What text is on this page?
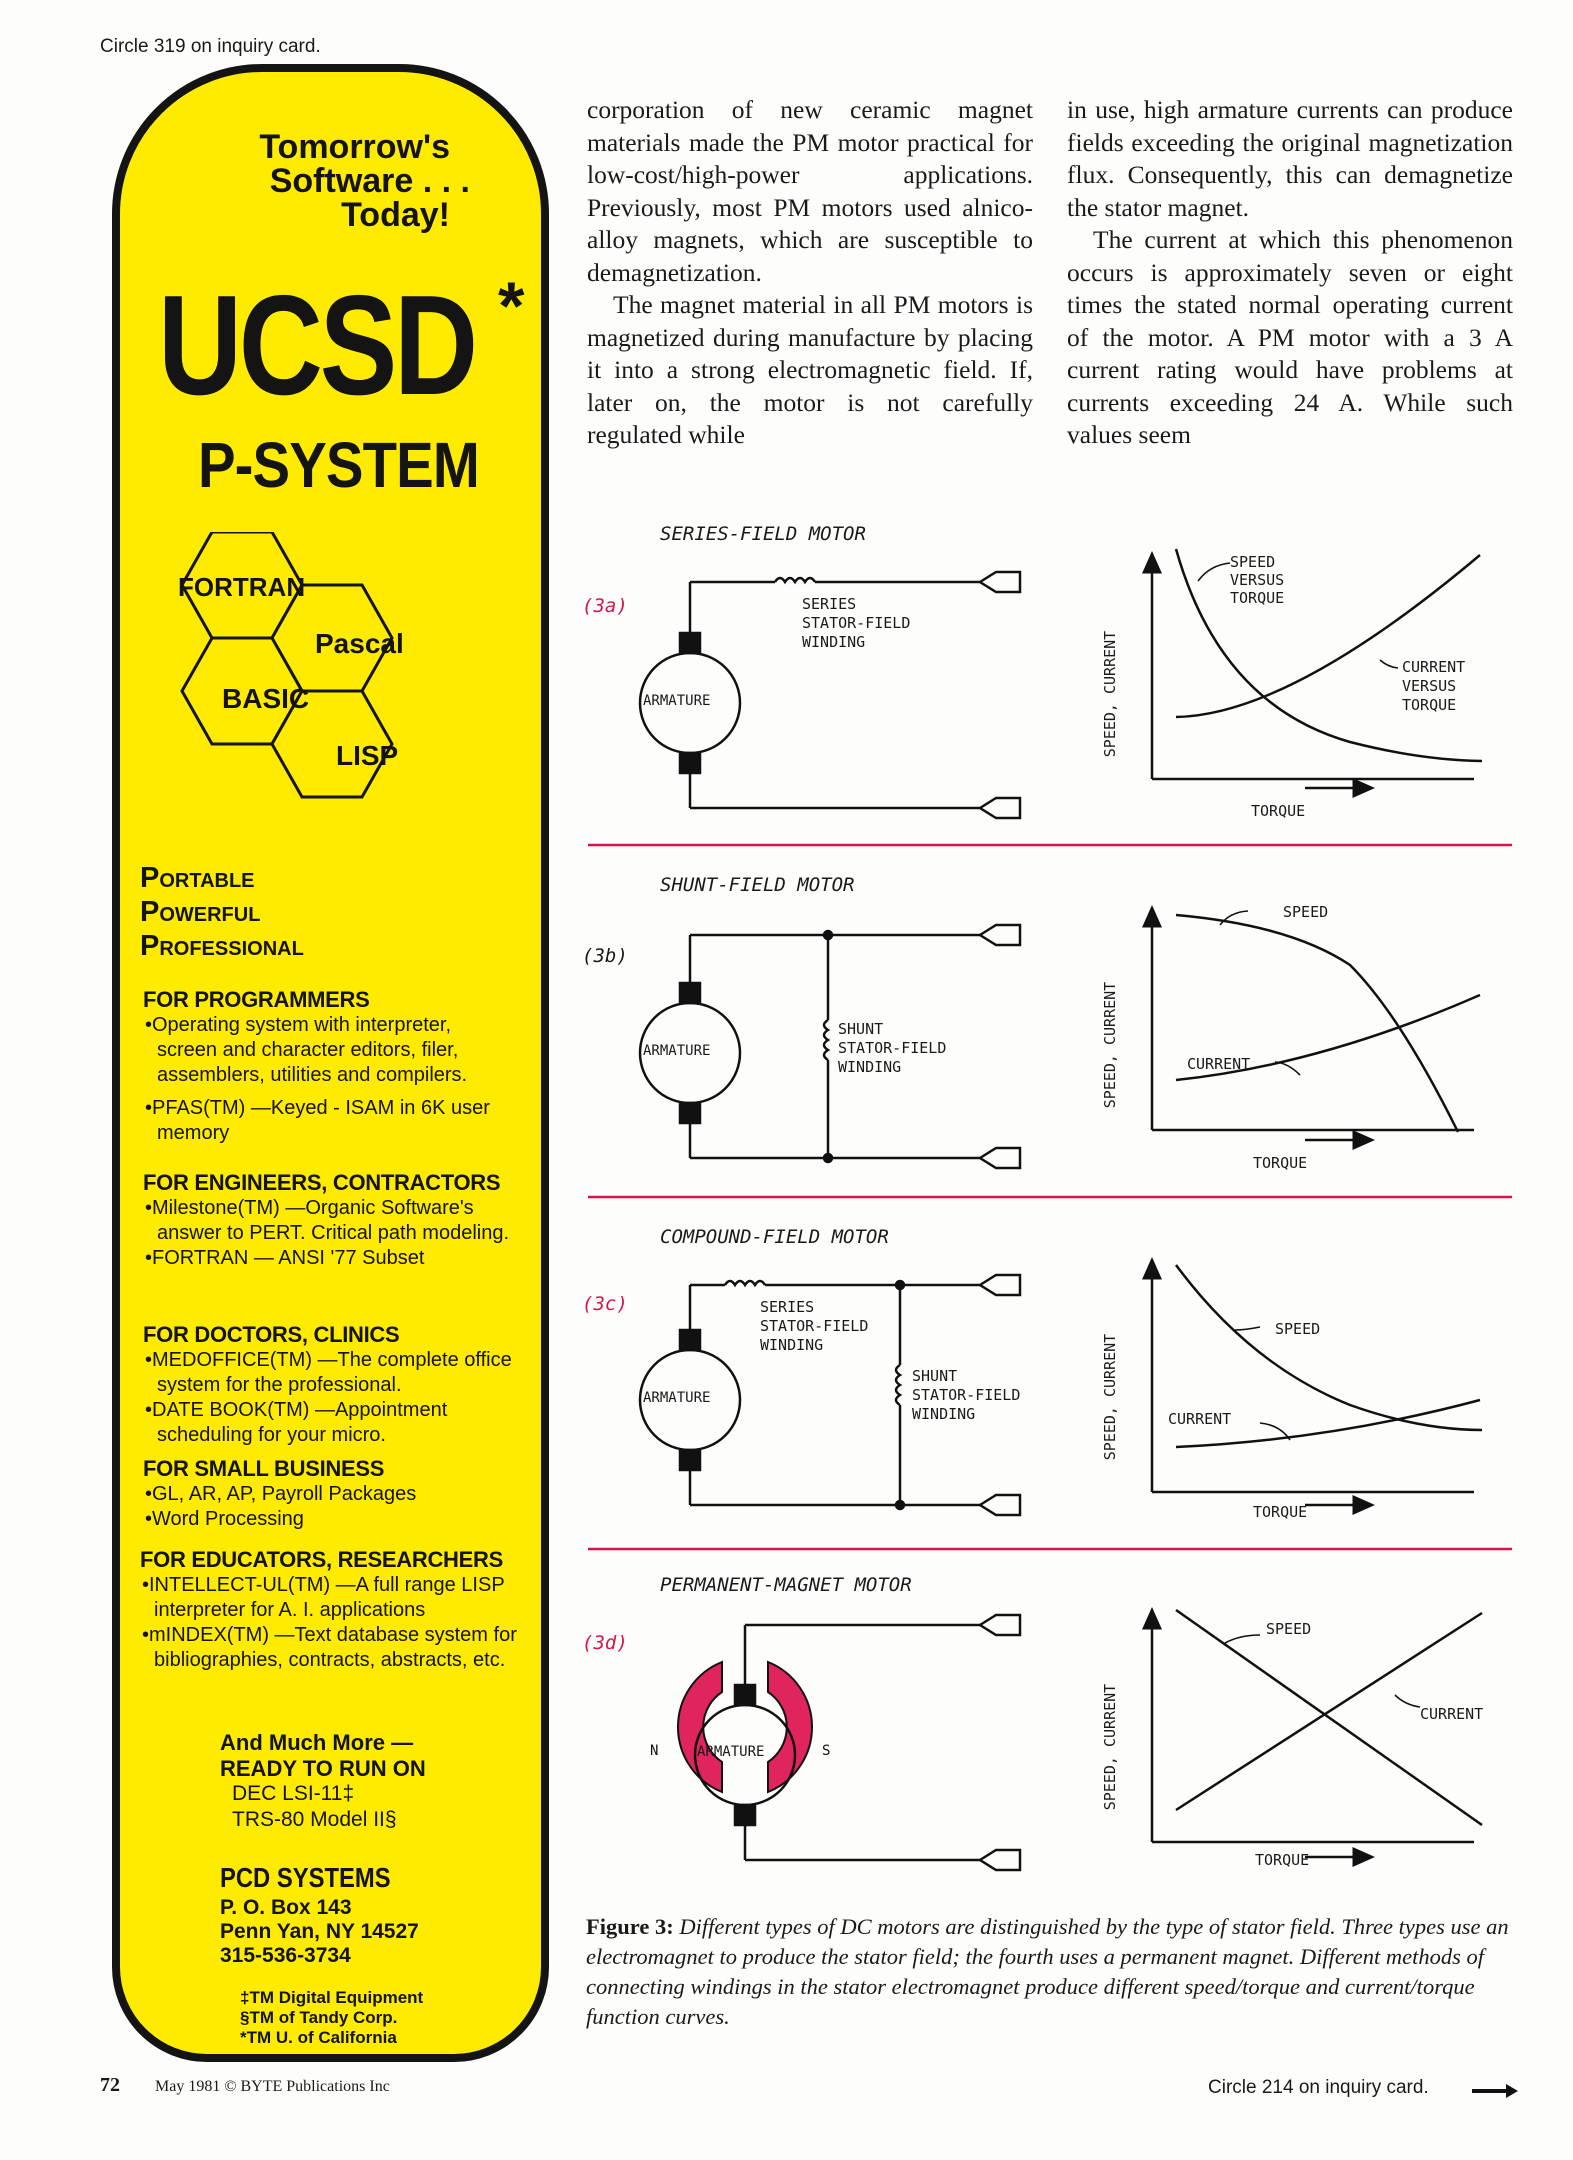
Circle 319 on inquiry card.
Tomorrow's
Software . . .
Today!
UCSD *
P-SYSTEM
FORTRAN
Pascal
BASIC
LISP
Portable
Powerful
Professional
FOR PROGRAMMERS
•Operating system with interpreter, screen and character editors, filer, assemblers, utilities and compilers.
•PFAS(TM) —Keyed - ISAM in 6K user memory
FOR ENGINEERS, CONTRACTORS
•Milestone(TM) —Organic Software's answer to PERT. Critical path modeling.
•FORTRAN — ANSI '77 Subset
FOR DOCTORS, CLINICS
•MEDOFFICE(TM) —The complete office system for the professional.
•DATE BOOK(TM) —Appointment scheduling for your micro.
FOR SMALL BUSINESS
•GL, AR, AP, Payroll Packages
•Word Processing
FOR EDUCATORS, RESEARCHERS
•INTELLECT-UL(TM) —A full range LISP interpreter for A. I. applications
•mINDEX(TM) —Text database system for bibliographies, contracts, abstracts, etc.
And Much More —
READY TO RUN ON
DEC LSI-11‡
TRS-80 Model II§
PCD SYSTEMS
P. O. Box 143
Penn Yan, NY 14527
315-536-3734
‡TM Digital Equipment
§TM of Tandy Corp.
*TM U. of California

corporation of new ceramic magnet materials made the PM motor practical for low-cost/high-power applications. Previously, most PM motors used alnico-alloy magnets, which are susceptible to demagnetization.

The magnet material in all PM motors is magnetized during manufacture by placing it into a strong electromagnetic field. If, later on, the motor is not carefully regulated while

in use, high armature currents can produce fields exceeding the original magnetization flux. Consequently, this can demagnetize the stator magnet.

The current at which this phenomenon occurs is approximately seven or eight times the stated normal operating current of the motor. A PM motor with a 3 A current rating would have problems at currents exceeding 24 A. While such values seem

SERIES-FIELD MOTOR
(3a)
ARMATURE
SERIES
STATOR-FIELD
WINDING
SPEED
VERSUS
TORQUE
CURRENT
VERSUS
TORQUE
SHUNT-FIELD MOTOR
(3b)
ARMATURE
SHUNT
STATOR-FIELD
WINDING
SPEED
CURRENT
COMPOUND-FIELD MOTOR
(3c)
ARMATURE
SERIES
STATOR-FIELD
WINDING
SHUNT
STATOR-FIELD
WINDING
SPEED
CURRENT
PERMANENT-MAGNET MOTOR
(3d)
ARMATURE
N	S
SPEED
CURRENT
SPEED, CURRENT
SPEED, CURRENT
SPEED, CURRENT
SPEED, CURRENT
TORQUE
TORQUE
TORQUE
TORQUE
Figure 3: Different types of DC motors are distinguished by the type of stator field. Three types use an electromagnet to produce the stator field; the fourth uses a permanent magnet. Different methods of connecting windings in the stator electromagnet produce different speed/torque and current/torque function curves.
72 May 1981 © BYTE Publications Inc	Circle 214 on inquiry card.
